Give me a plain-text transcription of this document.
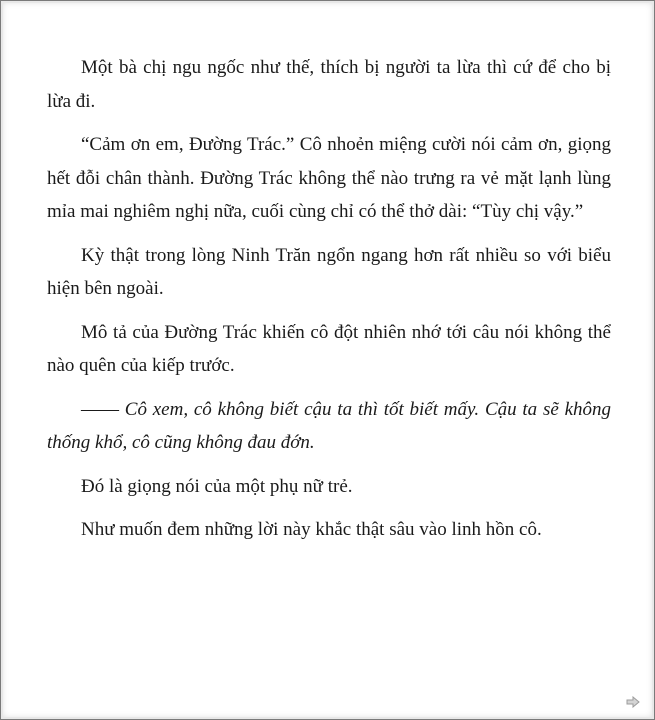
Một bà chị ngu ngốc như thế, thích bị người ta lừa thì cứ để cho bị lừa đi.

“Cảm ơn em, Đường Trác.” Cô nhoẻn miệng cười nói cảm ơn, giọng hết đỗi chân thành. Đường Trác không thể nào trưng ra vẻ mặt lạnh lùng mỉa mai nghiêm nghị nữa, cuối cùng chỉ có thể thở dài: “Tùy chị vậy.”

Kỳ thật trong lòng Ninh Trăn ngổn ngang hơn rất nhiều so với biểu hiện bên ngoài.

Mô tả của Đường Trác khiến cô đột nhiên nhớ tới câu nói không thể nào quên của kiếp trước.

—— Cô xem, cô không biết cậu ta thì tốt biết mấy. Cậu ta sẽ không thống khổ, cô cũng không đau đớn.

Đó là giọng nói của một phụ nữ trẻ.

Như muốn đem những lời này khắc thật sâu vào linh hồn cô.
